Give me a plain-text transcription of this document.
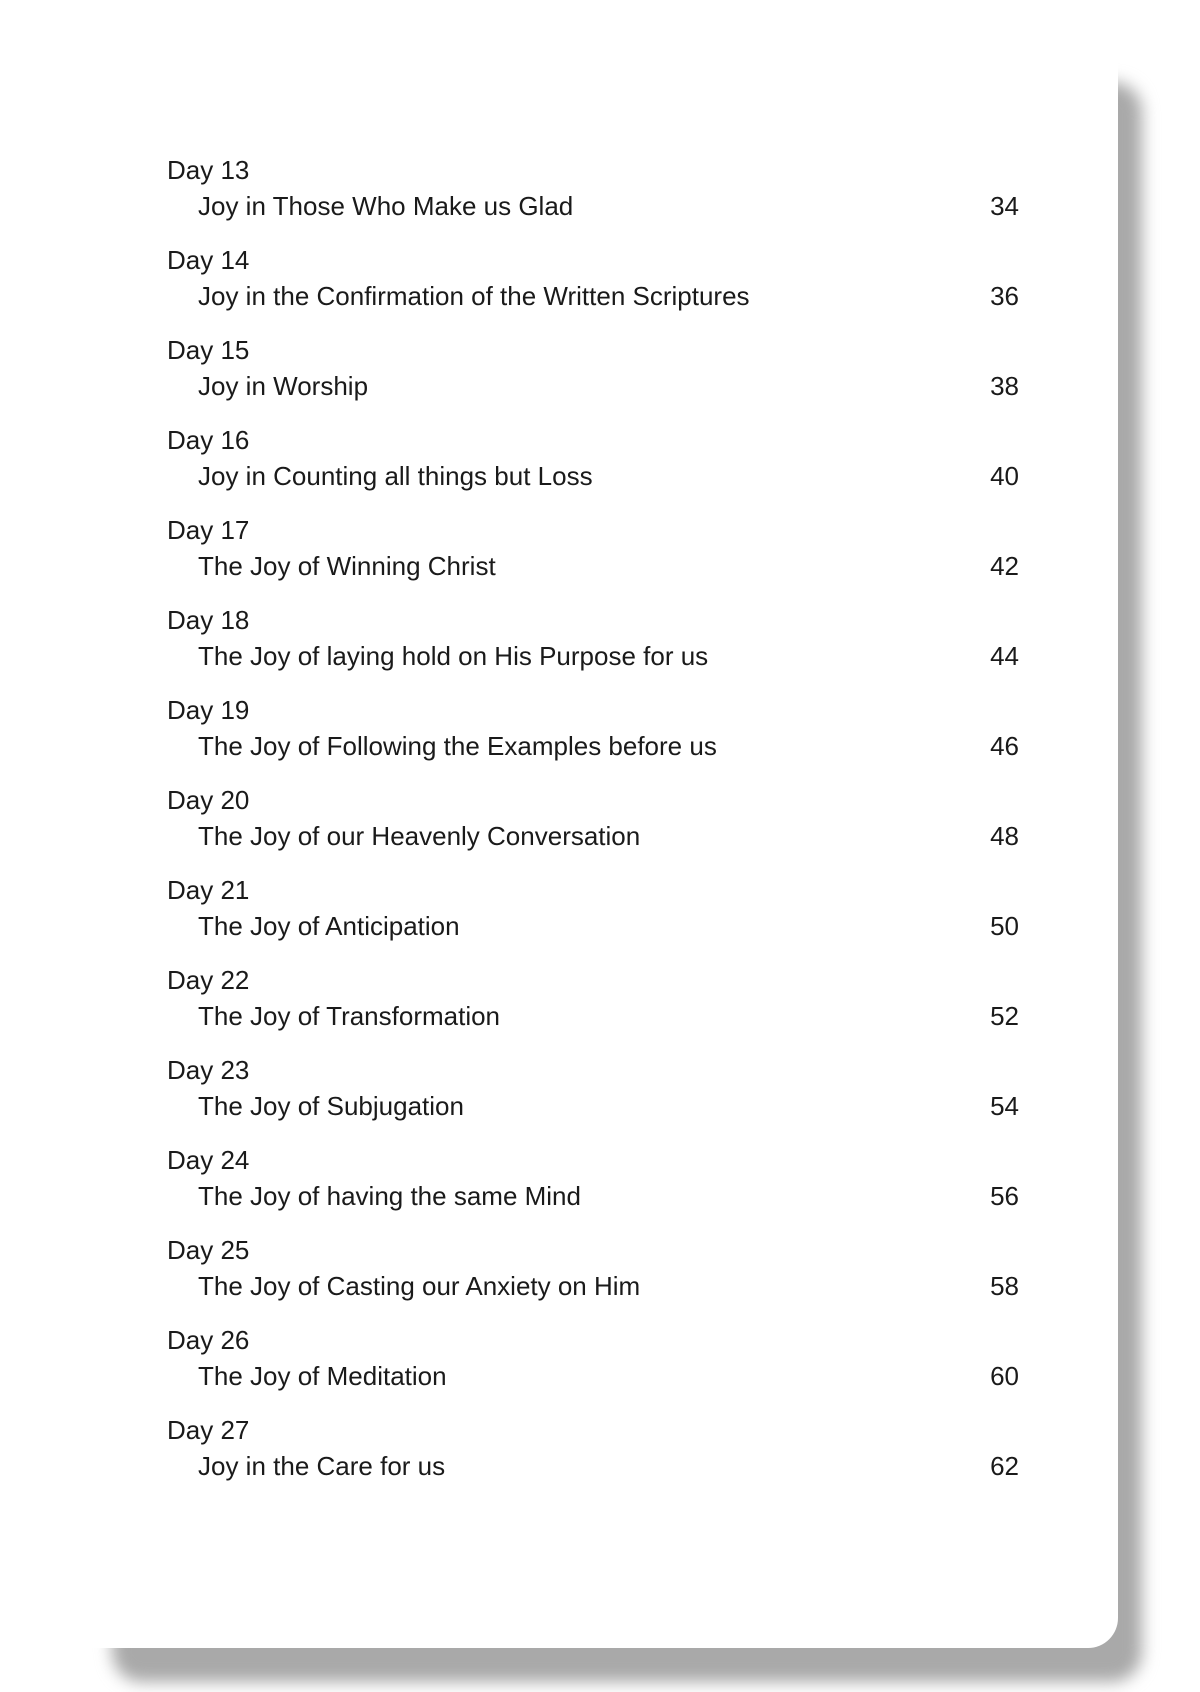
Day 13
Joy in Those Who Make us Glad	34
Day 14
Joy in the Confirmation of the Written Scriptures	36
Day 15
Joy in Worship	38
Day 16
Joy in Counting all things but Loss	40
Day 17
The Joy of Winning Christ	42
Day 18
The Joy of laying hold on His Purpose for us	44
Day 19
The Joy of Following the Examples before us	46
Day 20
The Joy of our Heavenly Conversation	48
Day 21
The Joy of Anticipation	50
Day 22
The Joy of Transformation	52
Day 23
The Joy of Subjugation	54
Day 24
The Joy of having the same Mind	56
Day 25
The Joy of Casting our Anxiety on Him	58
Day 26
The Joy of Meditation	60
Day 27
Joy in the Care for us	62
